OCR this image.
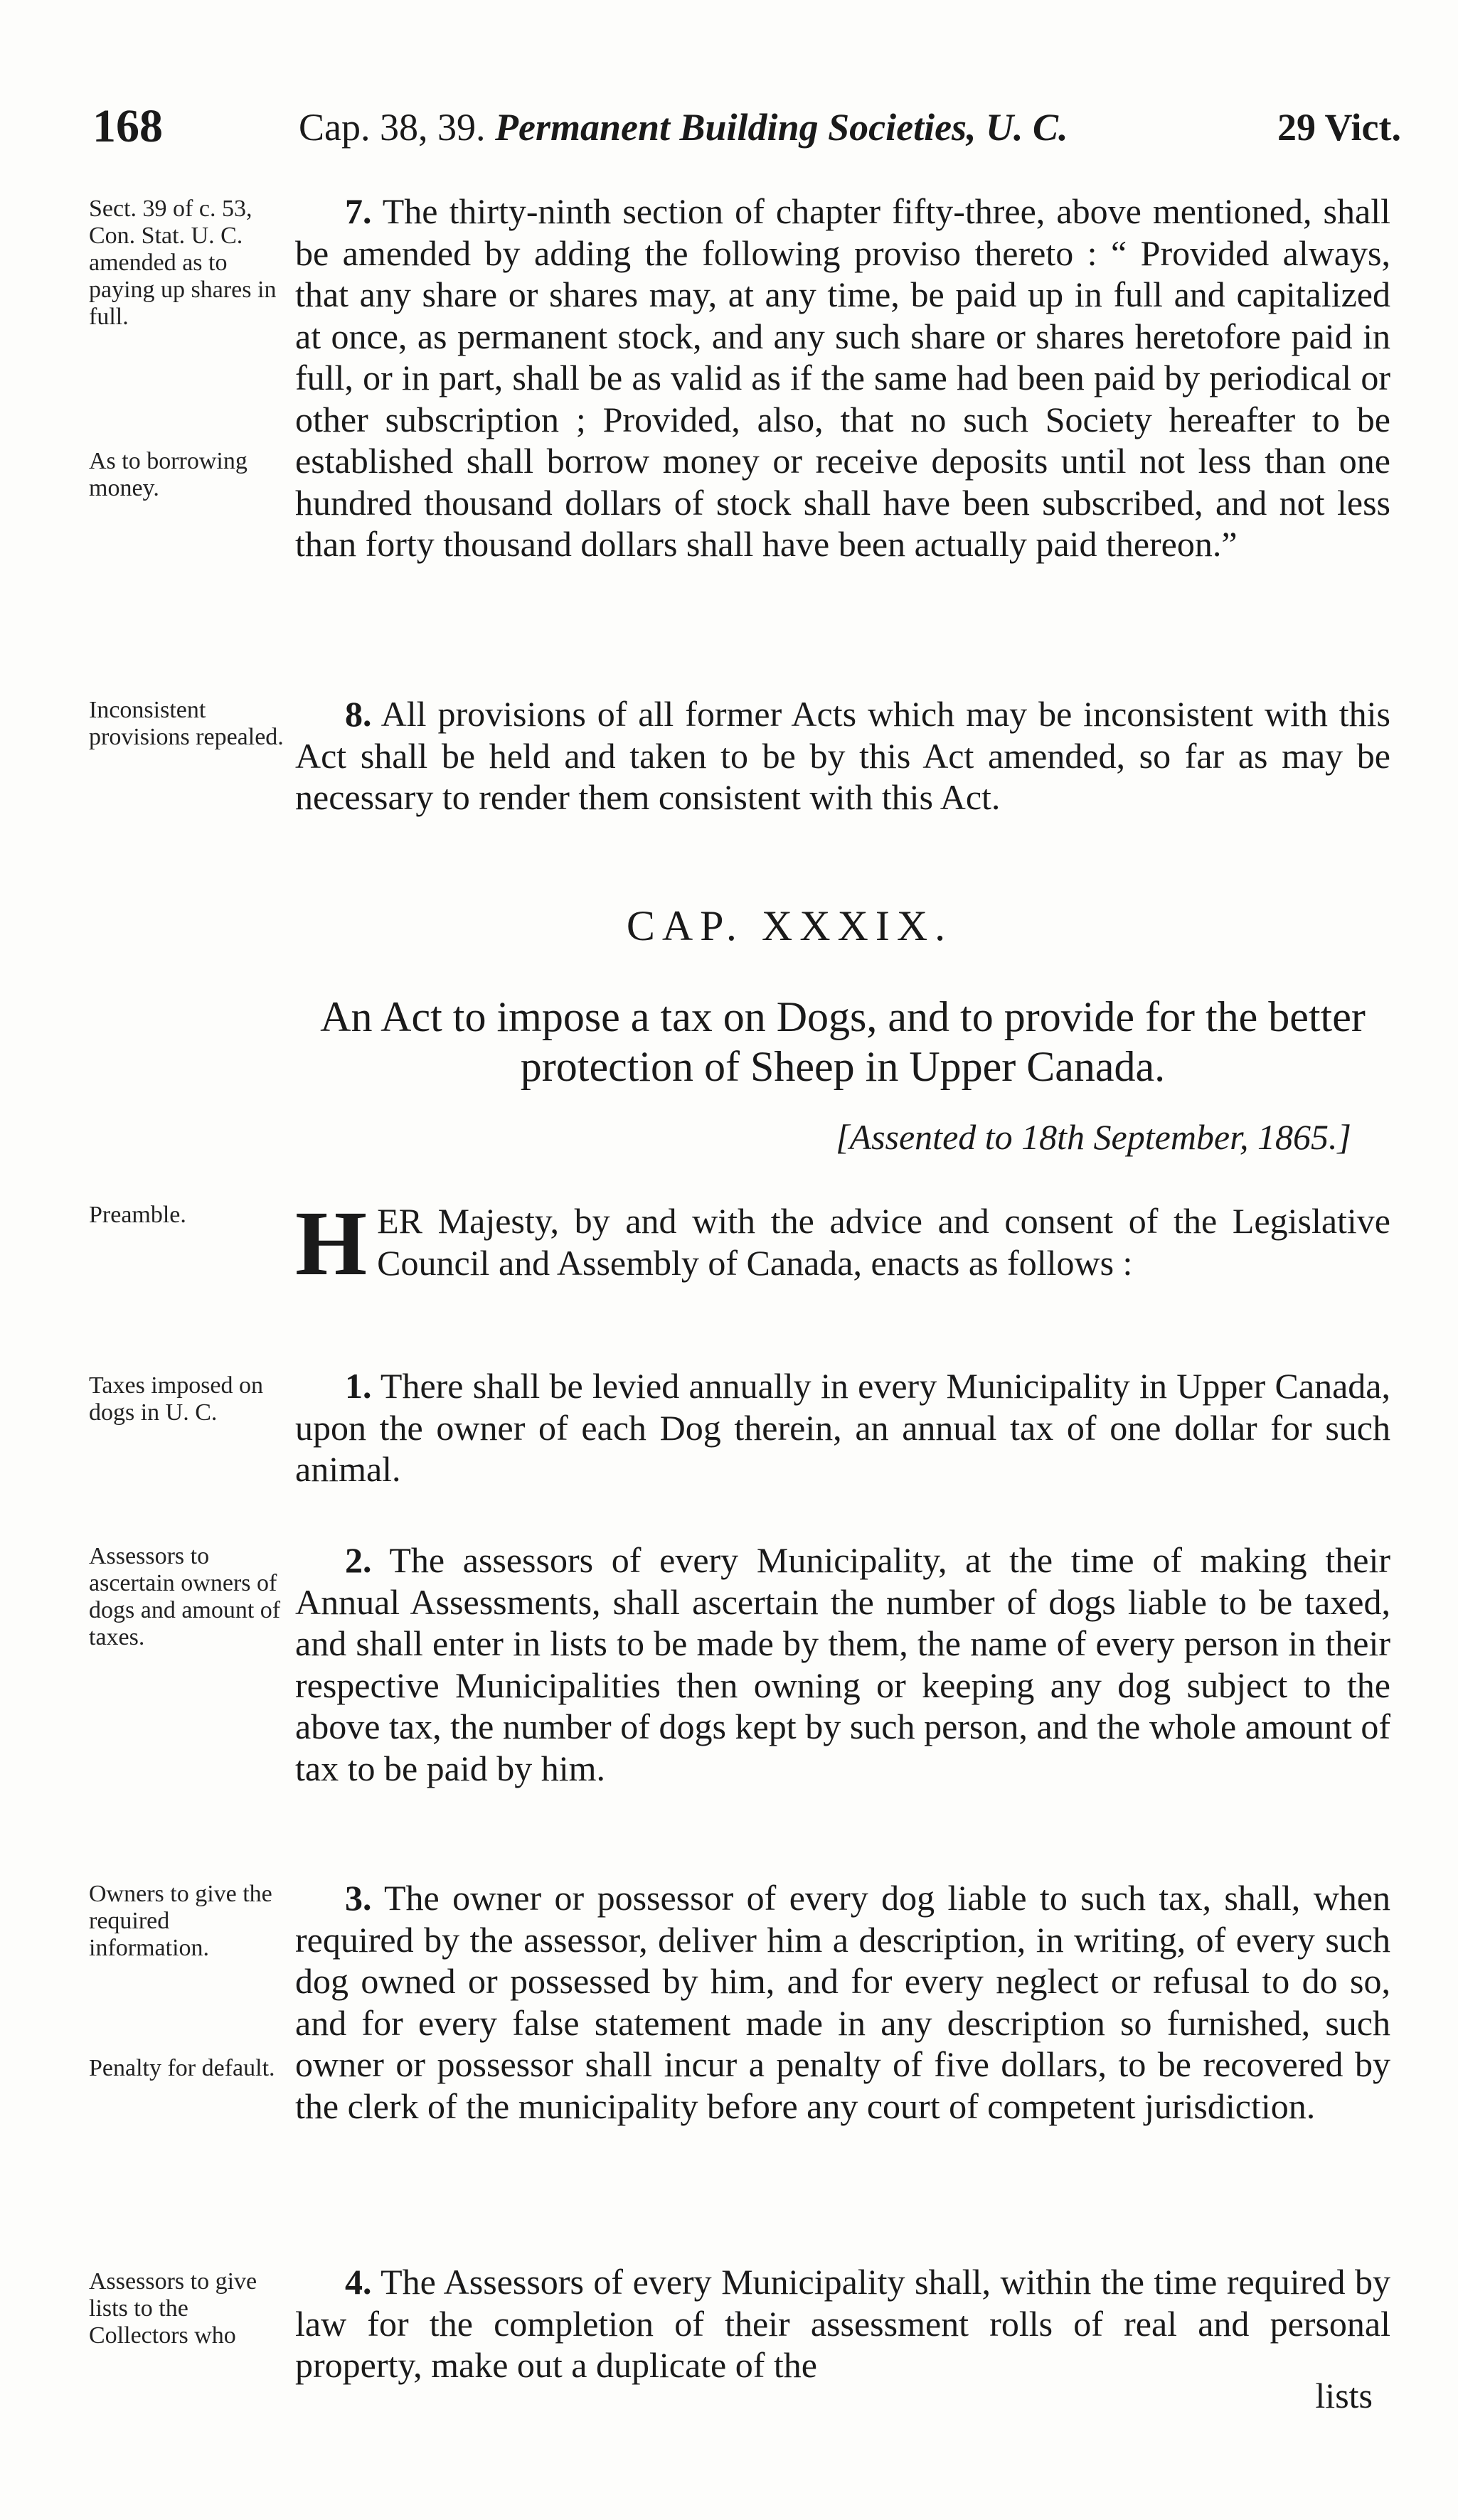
168	Cap. 38, 39. Permanent Building Societies, U. C.	29 Vict.
Sect. 39 of c. 53, Con. Stat. U. C. amended as to paying up shares in full.
As to borrowing money.
Inconsistent provisions repealed.
Preamble.
Taxes imposed on dogs in U. C.
Assessors to ascertain owners of dogs and amount of taxes.
Owners to give the required information.
Penalty for default.
Assessors to give lists to the Collectors who

7. The thirty-ninth section of chapter fifty-three, above mentioned, shall be amended by adding the following proviso thereto : “ Provided always, that any share or shares may, at any time, be paid up in full and capitalized at once, as permanent stock, and any such share or shares heretofore paid in full, or in part, shall be as valid as if the same had been paid by periodical or other subscription ; Provided, also, that no such Society hereafter to be established shall borrow money or receive deposits until not less than one hundred thousand dollars of stock shall have been subscribed, and not less than forty thousand dollars shall have been actually paid thereon.”

8. All provisions of all former Acts which may be inconsistent with this Act shall be held and taken to be by this Act amended, so far as may be necessary to render them consistent with this Act.

CAP. XXXIX.
An Act to impose a tax on Dogs, and to provide for the better protection of Sheep in Upper Canada.
[Assented to 18th September, 1865.]

HER Majesty, by and with the advice and consent of the Legislative Council and Assembly of Canada, enacts as follows :

1. There shall be levied annually in every Municipality in Upper Canada, upon the owner of each Dog therein, an annual tax of one dollar for such animal.

2. The assessors of every Municipality, at the time of making their Annual Assessments, shall ascertain the number of dogs liable to be taxed, and shall enter in lists to be made by them, the name of every person in their respective Municipalities then owning or keeping any dog subject to the above tax, the number of dogs kept by such person, and the whole amount of tax to be paid by him.

3. The owner or possessor of every dog liable to such tax, shall, when required by the assessor, deliver him a description, in writing, of every such dog owned or possessed by him, and for every neglect or refusal to do so, and for every false statement made in any description so furnished, such owner or possessor shall incur a penalty of five dollars, to be recovered by the clerk of the municipality before any court of competent jurisdiction.

4. The Assessors of every Municipality shall, within the time required by law for the completion of their assessment rolls of real and personal property, make out a duplicate of the

lists
